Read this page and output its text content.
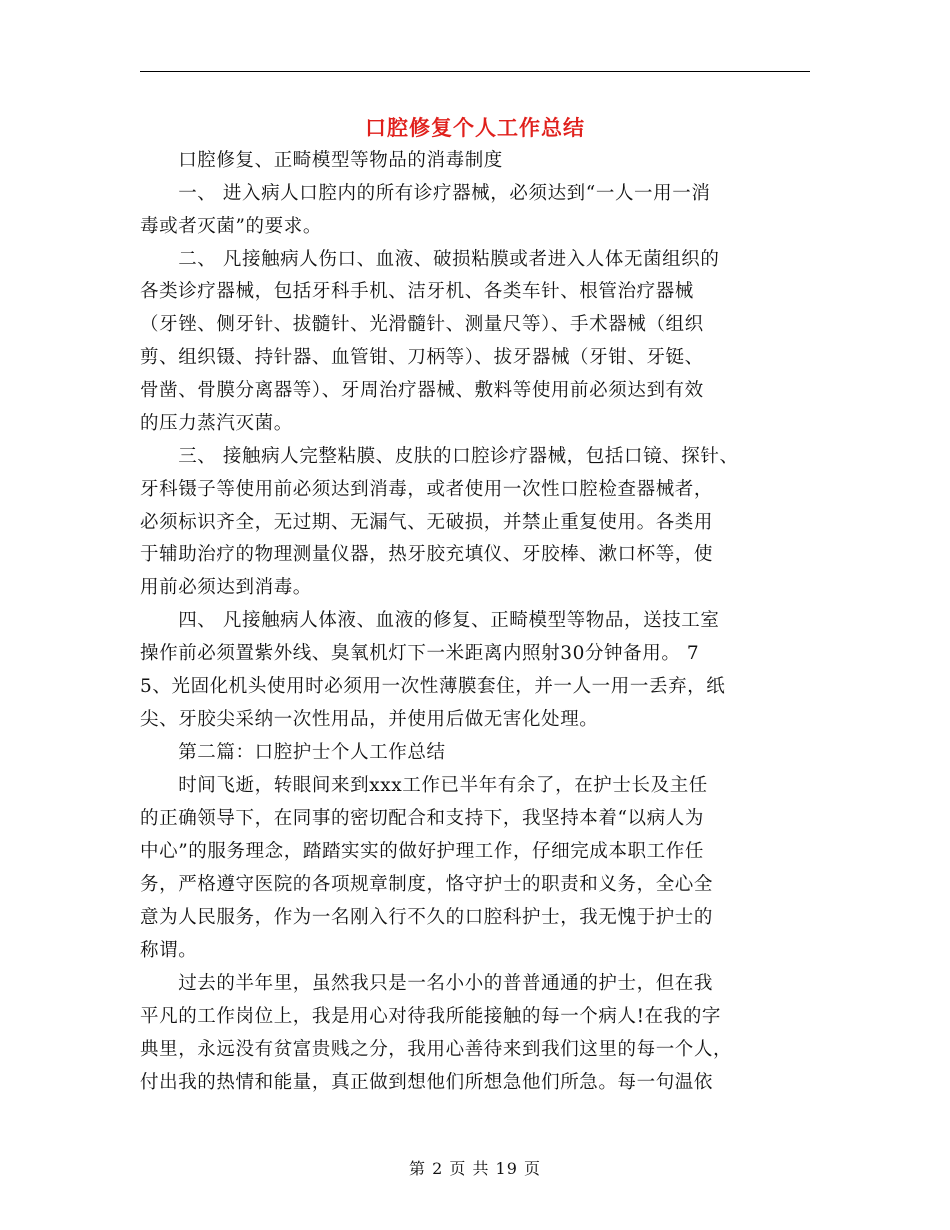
口腔修复个人工作总结
　　口腔修复、正畸模型等物品的消毒制度
　　一、 进入病人口腔内的所有诊疗器械，必须达到“一人一用一消
毒或者灭菌”的要求。
　　二、 凡接触病人伤口、血液、破损粘膜或者进入人体无菌组织的
各类诊疗器械，包括牙科手机、洁牙机、各类车针、根管治疗器械
（牙锉、侧牙针、拔髓针、光滑髓针、测量尺等）、手术器械（组织
剪、组织镊、持针器、血管钳、刀柄等）、拔牙器械（牙钳、牙铤、
骨凿、骨膜分离器等）、牙周治疗器械、敷料等使用前必须达到有效
的压力蒸汽灭菌。
　　三、 接触病人完整粘膜、皮肤的口腔诊疗器械，包括口镜、探针、
牙科镊子等使用前必须达到消毒，或者使用一次性口腔检查器械者，
必须标识齐全，无过期、无漏气、无破损，并禁止重复使用。各类用
于辅助治疗的物理测量仪器，热牙胶充填仪、牙胶棒、漱口杯等，使
用前必须达到消毒。
　　四、 凡接触病人体液、血液的修复、正畸模型等物品，送技工室
操作前必须置紫外线、臭氧机灯下一米距离内照射30分钟备用。 7
5、光固化机头使用时必须用一次性薄膜套住，并一人一用一丢弃，纸
尖、牙胶尖采纳一次性用品，并使用后做无害化处理。
　　第二篇：口腔护士个人工作总结
　　时间飞逝，转眼间来到xxx工作已半年有余了，在护士长及主任
的正确领导下，在同事的密切配合和支持下，我坚持本着“以病人为
中心”的服务理念，踏踏实实的做好护理工作，仔细完成本职工作任
务，严格遵守医院的各项规章制度，恪守护士的职责和义务，全心全
意为人民服务，作为一名刚入行不久的口腔科护士，我无愧于护士的
称谓。
　　过去的半年里，虽然我只是一名小小的普普通通的护士，但在我
平凡的工作岗位上，我是用心对待我所能接触的每一个病人!在我的字
典里，永远没有贫富贵贱之分，我用心善待来到我们这里的每一个人，
付出我的热情和能量，真正做到想他们所想急他们所急。每一句温依
第 2 页 共 19 页
